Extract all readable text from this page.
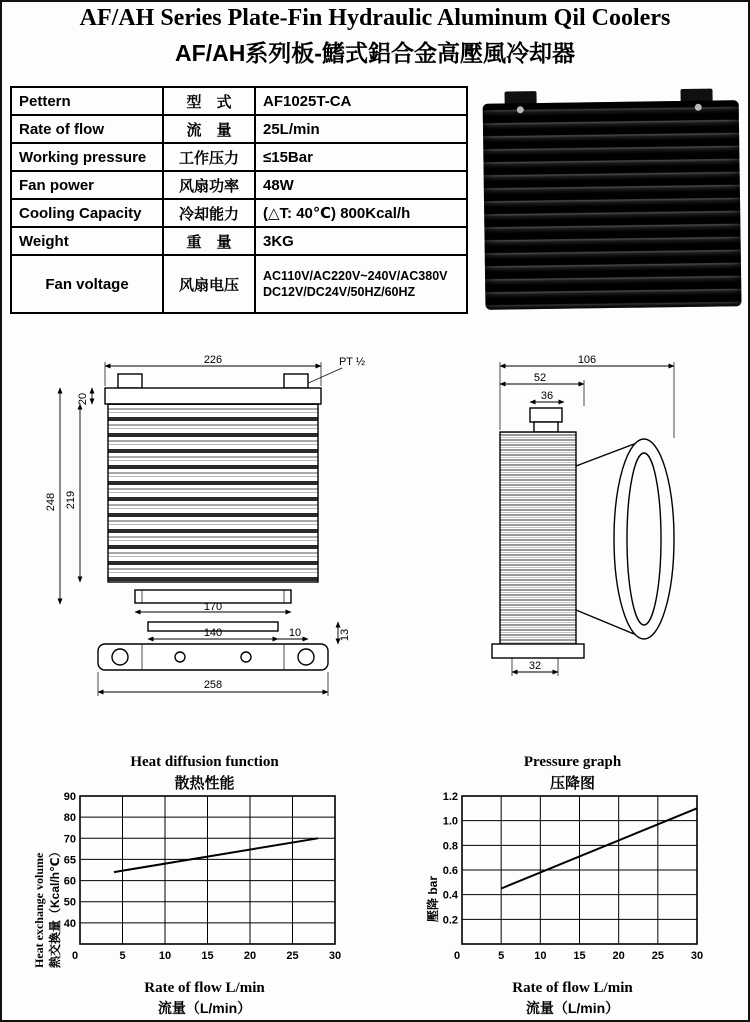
AF/AH Series Plate-Fin Hydraulic Aluminum Qil Coolers
AF/AH系列板-鰭式鋁合金高壓風冷却器
Pettern	型　式	AF1025T-CA
Rate of flow	流　量	25L/min
Working pressure	工作压力	≤15Bar
Fan power	风扇功率	48W
Cooling Capacity	冷却能力	(△T: 40℃) 800Kcal/h
Weight	重　量	3KG
Fan voltage	风扇电压	AC110V/AC220V~240V/AC380V
DC12V/DC24V/50HZ/60HZ
226	PT ½
20
248 219
170
140	10	13
258
106
52
36
32
Heat diffusion function
散热性能
Heat exchange volume 熱交換量（Kcal/h℃） 40
50
60
65
70
80
90
0	5	10	15	20	25	30
Rate of flow L/min
流量（L/min）
Pressure graph
压降图
壓降 bar 0.2
0.4
0.6
0.8
1.0
1.2
0	5	10 15 20 25 30
Rate of flow L/min
流量（L/min）
